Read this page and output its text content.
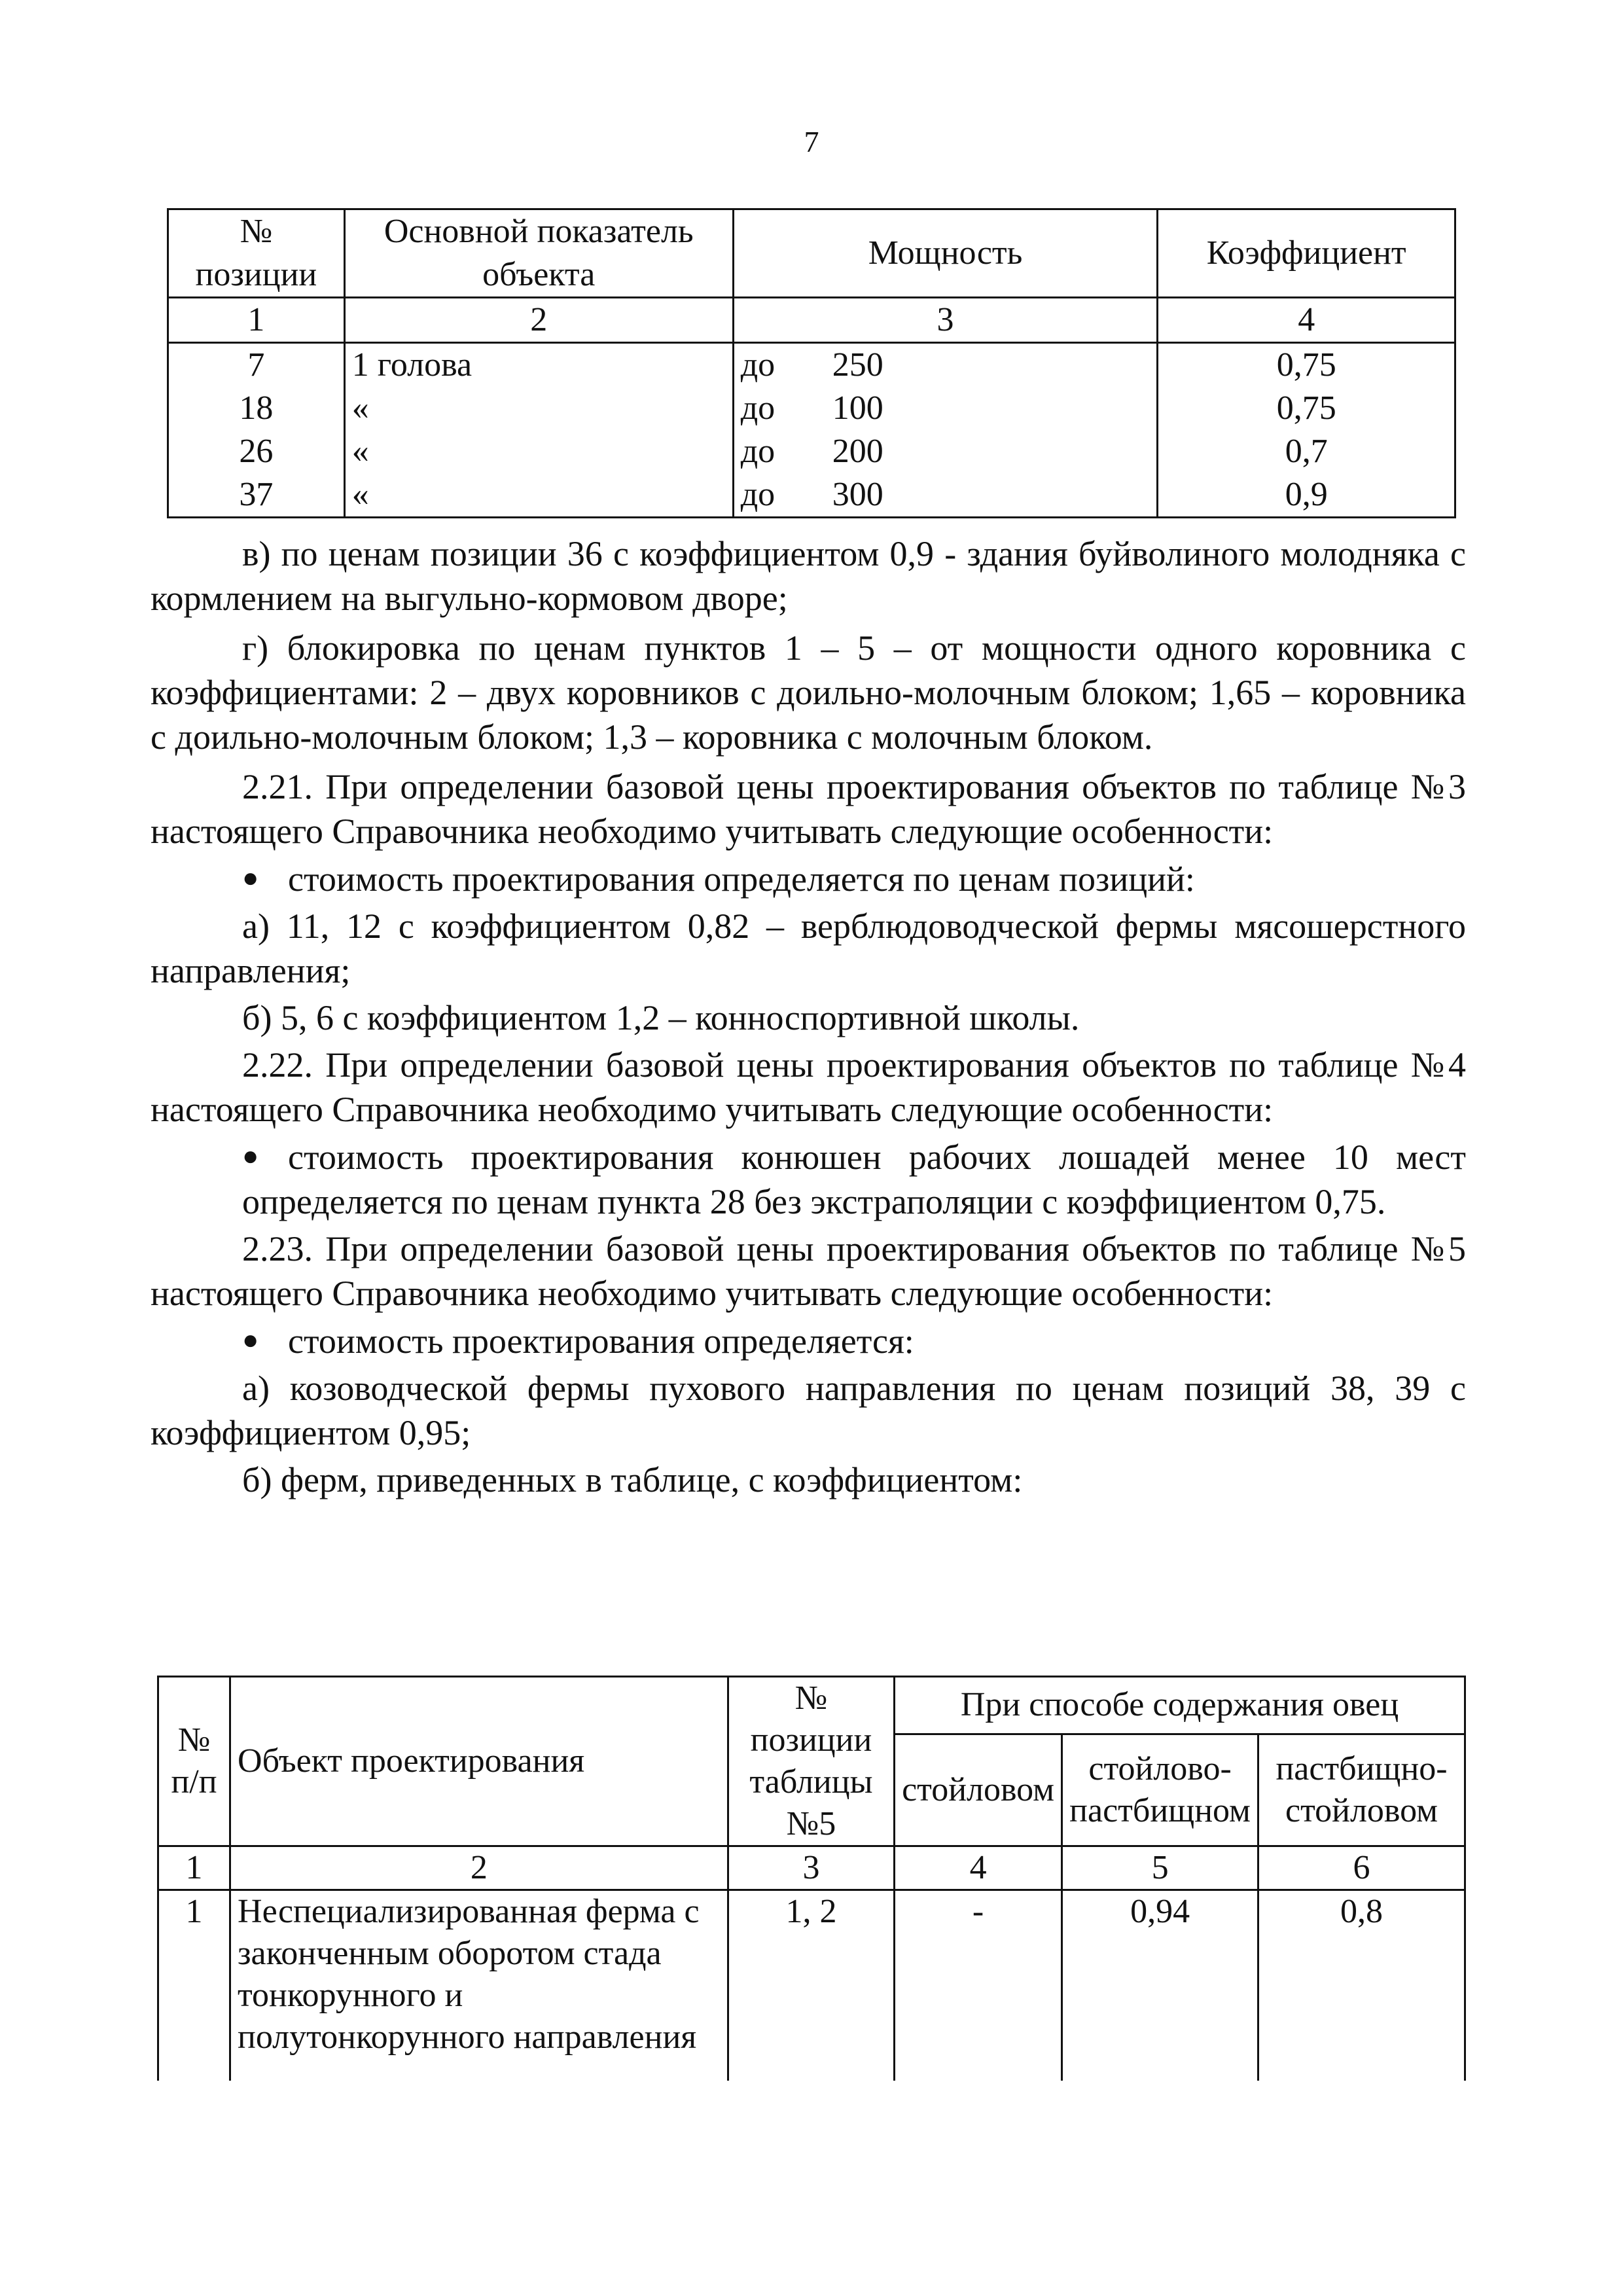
7
№ позиции	Основной показатель объекта	Мощность	Коэффициент
1	2	3	4
7	1 голова	до 250	0,75
18	«	до 100	0,75
26	«	до 200	0,7
37	«	до 300	0,9

в) по ценам позиции 36 с коэффициентом 0,9 - здания буйволиного молодняка с кормлением на выгульно-кормовом дворе;

г) блокировка по ценам пунктов 1 – 5 – от мощности одного коровника с коэффициентами: 2 – двух коровников с доильно-молочным блоком; 1,65 – коровника с доильно-молочным блоком; 1,3 – коровника с молочным блоком.

2.21. При определении базовой цены проектирования объектов по таблице №3 настоящего Справочника необходимо учитывать следующие особенности:

● стоимость проектирования определяется по ценам позиций:

а) 11, 12 с коэффициентом 0,82 – верблюдоводческой фермы мясошерстного направления;

б) 5, 6 с коэффициентом 1,2 – конноспортивной школы.

2.22. При определении базовой цены проектирования объектов по таблице №4 настоящего Справочника необходимо учитывать следующие особенности:

● стоимость проектирования конюшен рабочих лошадей менее 10 мест определяется по ценам пункта 28 без экстраполяции с коэффициентом 0,75.

2.23. При определении базовой цены проектирования объектов по таблице №5 настоящего Справочника необходимо учитывать следующие особенности:

● стоимость проектирования определяется:

а) козоводческой фермы пухового направления по ценам позиций 38, 39 с коэффициентом 0,95;

б) ферм, приведенных в таблице, с коэффициентом:

№ п/п	Объект проектирования	№ позиции таблицы №5	При способе содержания овец		
			стойловом	стойлово-пастбищном	пастбищно-стойловом
1	2	3	4	5	6
1	Неспециализированная ферма с законченным оборотом стада тонкорунного и полутонкорунного направления	1, 2	-	0,94	0,8
